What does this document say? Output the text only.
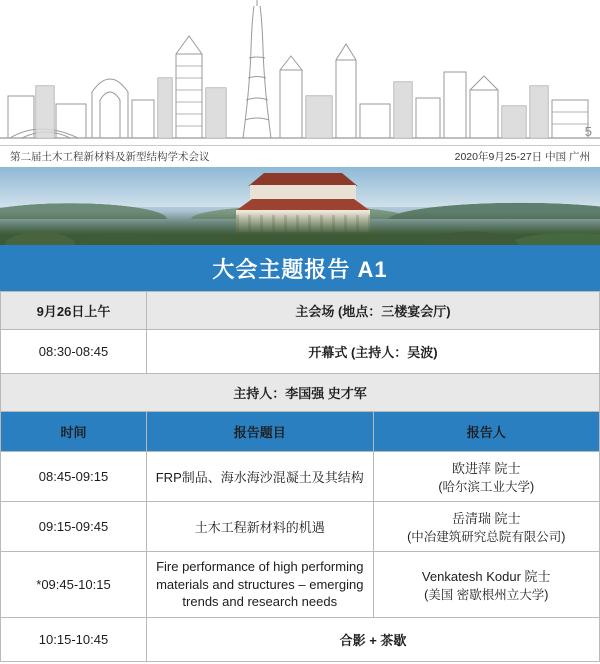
5
第二届土木工程新材料及新型结构学术会议	2020年9月25-27日 中国 广州
大会主题报告 A1
9月26日上午	主会场 (地点：三楼宴会厅)	
08:30-08:45	开幕式 (主持人：吴波)	
主持人：李国强 史才军		
时间	报告题目	报告人
08:45-09:15	FRP制品、海水海沙混凝土及其结构	欧进萍 院士
(哈尔滨工业大学)

09:15-09:45	土木工程新材料的机遇	岳清瑞 院士
(中冶建筑研究总院有限公司)

*09:45-10:15	Fire performance of high performing materials and structures – emerging trends and research needs	Venkatesh Kodur 院士
(美国 密歇根州立大学)

10:15-10:45	合影 + 茶歇	
